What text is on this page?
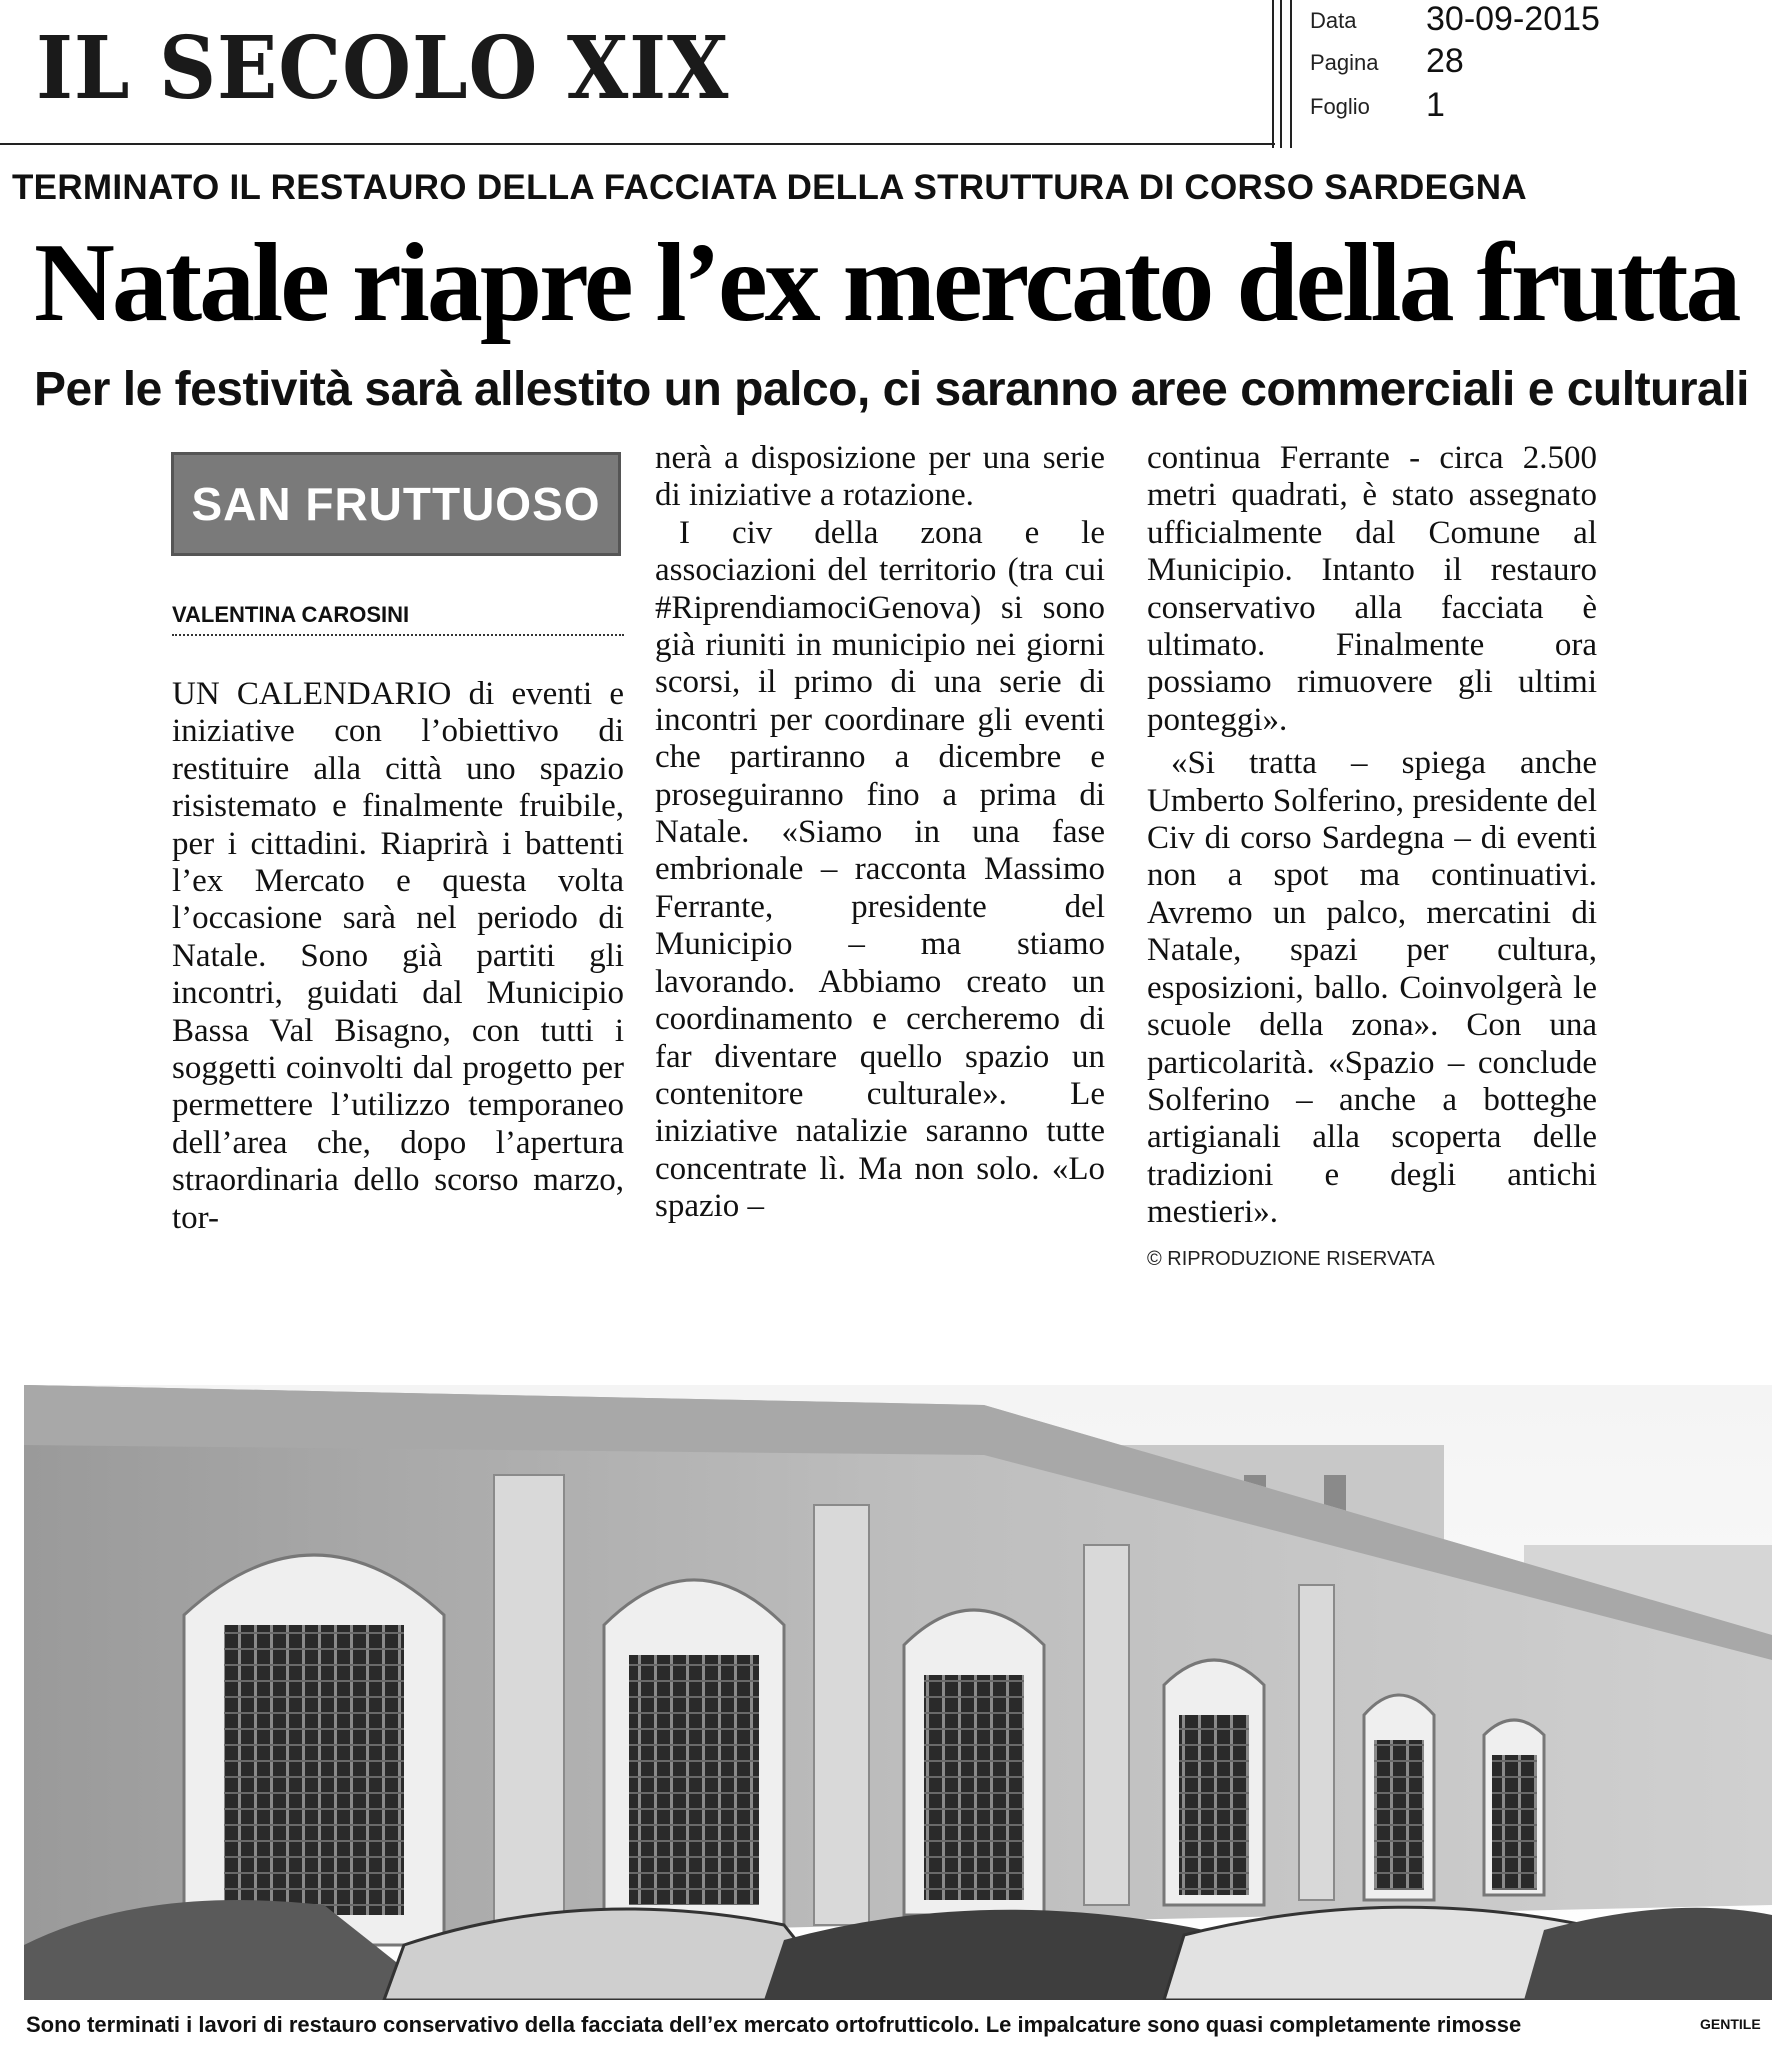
IL SECOLO XIX	Data 30-09-2015
Pagina 28
Foglio 1
TERMINATO IL RESTAURO DELLA FACCIATA DELLA STRUTTURA DI CORSO SARDEGNA
Natale riapre l’ex mercato della frutta
Per le festività sarà allestito un palco, ci saranno aree commerciali e culturali
SAN FRUTTUOSO
VALENTINA CAROSINI

UN CALENDARIO di eventi e iniziative con l’obiettivo di restituire alla città uno spazio risistemato e finalmente fruibile, per i cittadini. Riaprirà i battenti l’ex Mercato e questa volta l’occasione sarà nel periodo di Natale. Sono già partiti gli incontri, guidati dal Municipio Bassa Val Bisagno, con tutti i soggetti coinvolti dal progetto per permettere l’utilizzo temporaneo dell’area che, dopo l’apertura straordinaria dello scorso marzo, tor-

nerà a disposizione per una serie di iniziative a rotazione.

I civ della zona e le associazioni del territorio (tra cui #RiprendiamociGenova) si sono già riuniti in municipio nei giorni scorsi, il primo di una serie di incontri per coordinare gli eventi che partiranno a dicembre e proseguiranno fino a prima di Natale. «Siamo in una fase embrionale – racconta Massimo Ferrante, presidente del Municipio – ma stiamo lavorando. Abbiamo creato un coordinamento e cercheremo di far diventare quello spazio un contenitore culturale». Le iniziative natalizie saranno tutte concentrate lì. Ma non solo. «Lo spazio –

continua Ferrante - circa 2.500 metri quadrati, è stato assegnato ufficialmente dal Comune al Municipio. Intanto il restauro conservativo alla facciata è ultimato. Finalmente ora possiamo rimuovere gli ultimi ponteggi».

«Si tratta – spiega anche Umberto Solferino, presidente del Civ di corso Sardegna – di eventi non a spot ma continuativi. Avremo un palco, mercatini di Natale, spazi per cultura, esposizioni, ballo. Coinvolgerà le scuole della zona». Con una particolarità. «Spazio – conclude Solferino – anche a botteghe artigianali alla scoperta delle tradizioni e degli antichi mestieri».

© RIPRODUZIONE RISERVATA
Sono terminati i lavori di restauro conservativo della facciata dell’ex mercato ortofrutticolo. Le impalcature sono quasi completamente rimosse	GENTILE
